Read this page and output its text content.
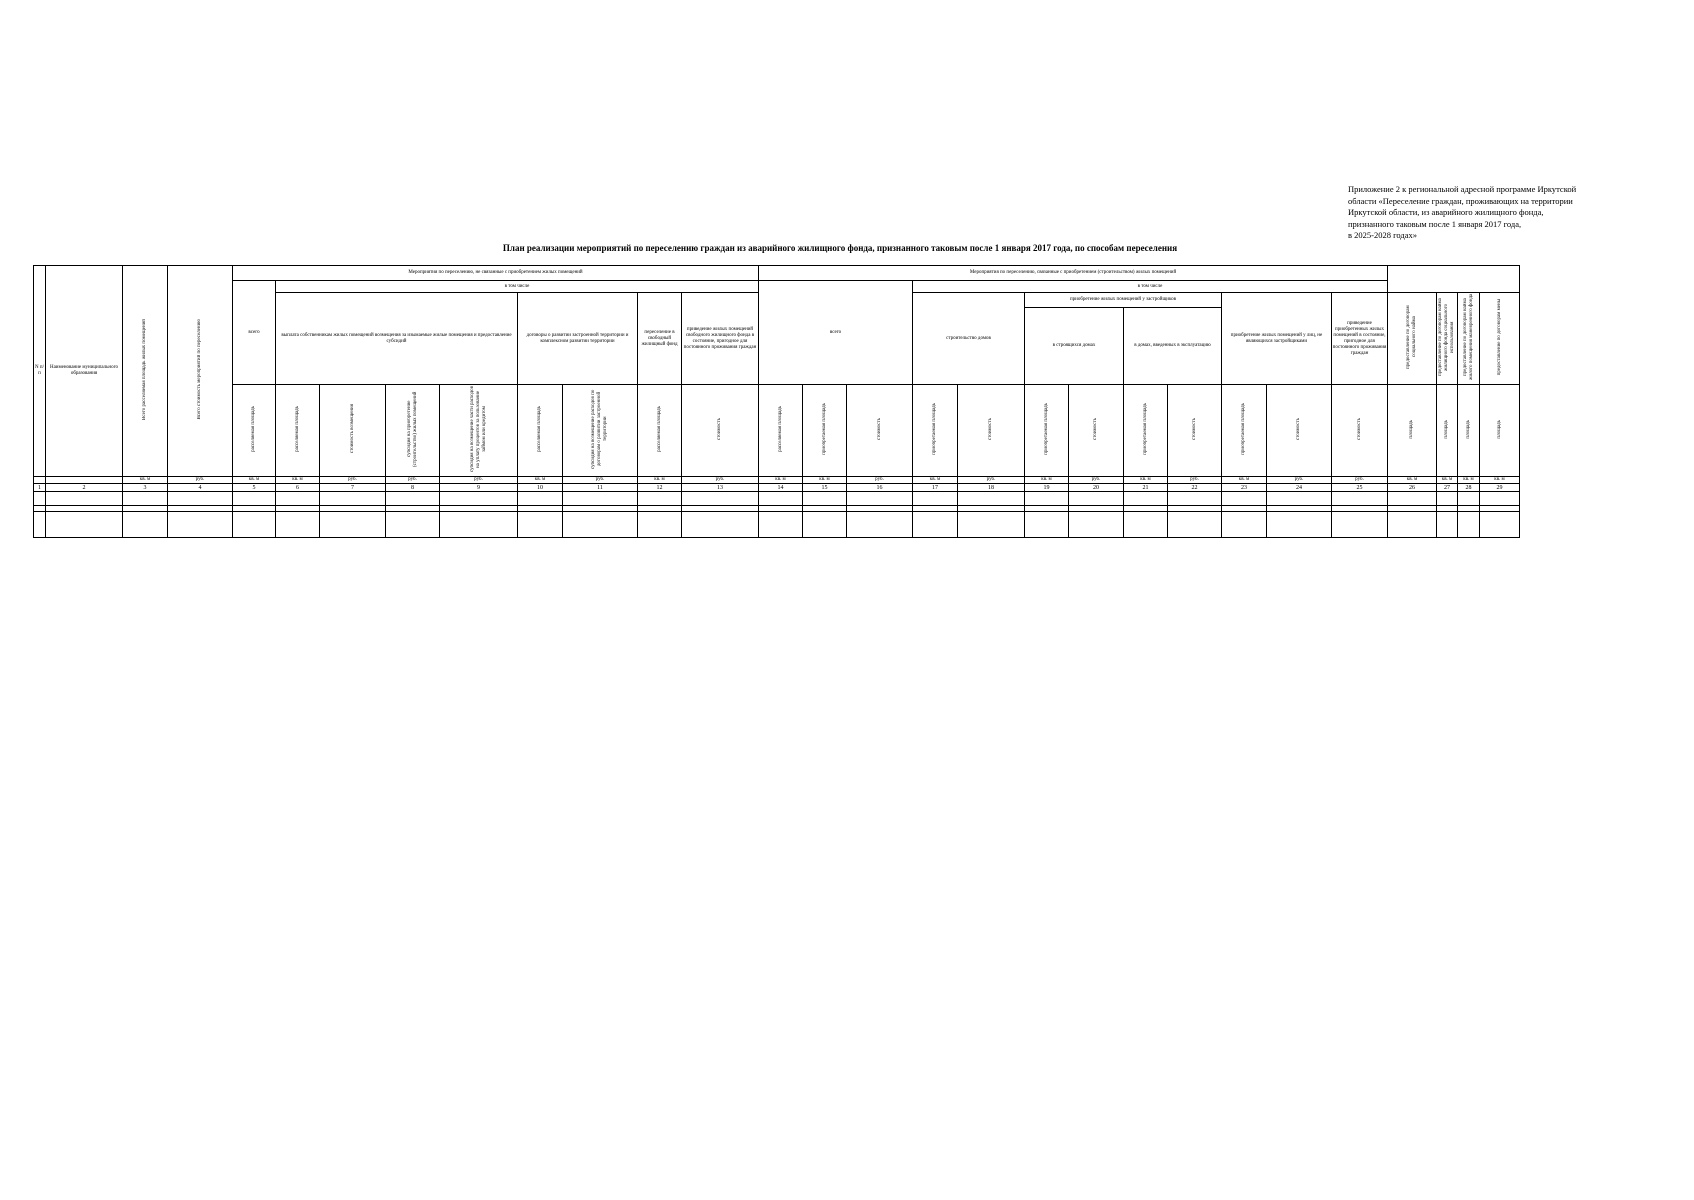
Приложение 2 к региональной адресной программе Иркутской
области «Переселение граждан, проживающих на территории
Иркутской области, из аварийного жилищного фонда,
признанного таковым после 1 января 2017 года,
в 2025-2028 годах»
План реализации мероприятий по переселению граждан из аварийного жилищного фонда, признанного таковым после 1 января 2017 года, по способам переселения
N п/п	Наименование муниципального образования	Всего расселяемая площадь жилых помещений	Всего стоимость мероприятий по переселению	Мероприятия по переселению, не связанные с приобретением жилых помещений									Мероприятия по переселению, связанные с приобретением (строительством) жилых помещений															
				всего	в том числе								всего			в том числе												
					выплата собственникам жилых помещений возмещения за изымаемые жилые помещения и предоставление субсидий				договоры о развитии застроенной территории и комплексном развитии территории		переселение в свободный жилищный фонд	приведение жилых помещений свободного жилищного фонда в состояние, пригодное для постоянного проживания граждан				строительство домов		приобретение жилых помещений у застройщиков				приобретение жилых помещений у лиц, не являющихся застройщиками		приведение приобретенных жилых помещений в состояние, пригодное для постоянного проживания граждан	предоставление по договорам социального найма	предоставление по договорам найма жилищного фонда социального использования	предоставление по договорам найма жилого помещения маневренного фонда	предоставление по договорам мены
																		в строящихся домах		в домах, введенных в эксплуатацию								
				расселяемая площадь	расселяемая площадь	стоимость возмещения	субсидия на приобретение (строительство) жилых помещений	субсидия на возмещение части расходов на уплату процентов за пользование займом или кредитом	расселяемая площадь	субсидия на возмещение расходов по договорам о развитии застроенной территории	расселяемая площадь	стоимость	расселяемая площадь	приобретаемая площадь	стоимость	приобретаемая площадь	стоимость	приобретаемая площадь	стоимость	приобретаемая площадь	стоимость	приобретаемая площадь	стоимость	стоимость	площадь	площадь	площадь	площадь
		кв. м	руб.	кв. м	кв. м	руб.	руб.	руб.	кв. м	руб.	кв. м	руб.	кв. м	кв. м	руб.	кв. м	руб.	кв. м	руб.	кв. м	руб.	кв. м	руб.	руб.	кв. м	кв. м	кв. м	кв. м
1	2	3	4	5	6	7	8	9	10	11	12	13	14	15	16	17	18	19	20	21	22	23	24	25	26	27	28	29
